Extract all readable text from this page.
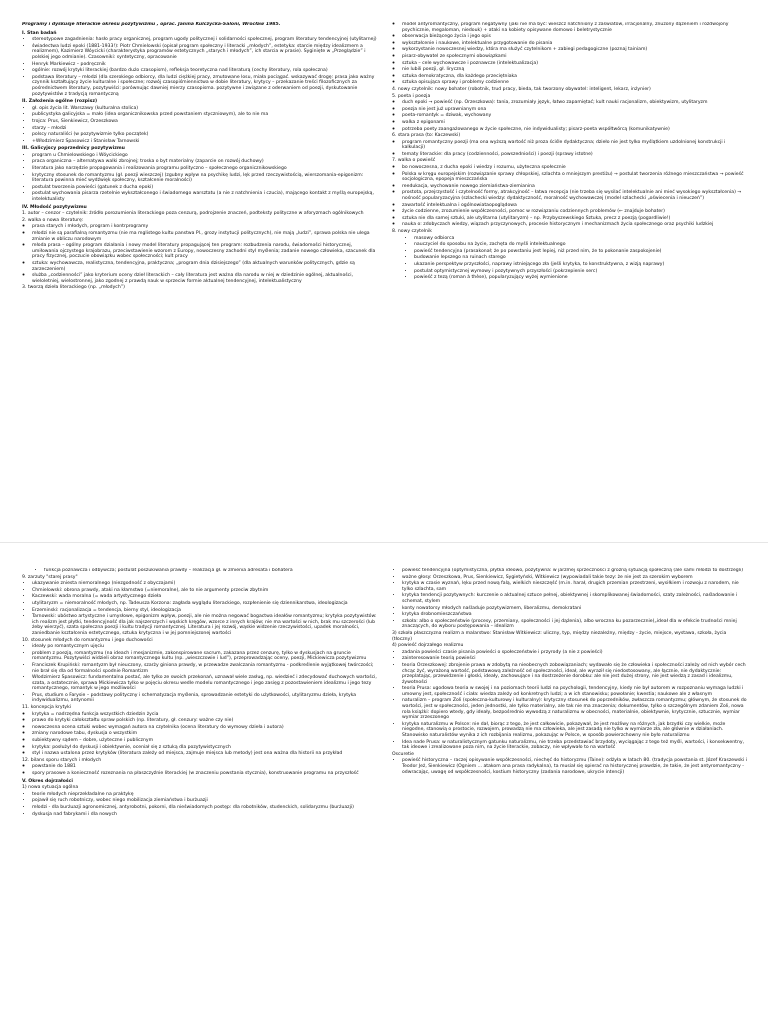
Programy i dyskusje literackie okresu pozytywizmu , oprac. Janina Kulczycka-Saloni, Wrocław 1985.

I. Stan badań

• stereotypowe zagadnienia: hasło pracy organicznej, program ugody politycznej i solidarności społecznej, program literatury tendencyjnej (utylitarnej)
• świadectwa ludzi epoki (1881-1933!): Piotr Chmielowski (opisał program społeczny i literacki „młodych”, estetyka: starcie między idealizmem a realizmem), Kazimierz Wóycicki (charakterystyka programów estetycznych „starych i młodych”, ich starcia w prasie). Syginięte w „Przeglądzie” i polskiej jego odmianie). Czasowniki: syntetyczny, opracowanie
• Henryk Markiewicz – podręcznik
• ogólnie: rozwój krytyki literackiej (bardzo dużo czasopism), refleksja teoretyczna nad literaturą (cechy literatury, rola społeczna)
• podstawa literatury – młodzi (dla szerokiego odbiorcy, dla ludzi ciężkiej pracy, zmutowane losu, miała pociągać. wskazywać drogę: prasa jako ważny czynnik kształtujący życie kulturalne i społeczne; rozwój czasopiśmiennictwa w dobie literatury, krytycy – przekazanie treści filozoficznych za pośrednictwem literatury, pozytywiści: porównując dawniej mierzy czasopisma. pozytywne i związane z oderwaniem od poezji, dyskutowanie pozytywistów z tradycją romantyczną

II. Założenia ogólne (rozpisz)

• gł. opis życia lit. Warszawy (kulturalna stolica)
• publicystyka galicyjska = mało (idea organicznikowska przed powstaniem styczniowym), ale to nie ma
• trojca: Prus, Sienkiewicz, Orzeszkowa
• starzy – młodzi
• polscy naturaliści (w pozytywizmie tylko początek)
• +Włodzimierz Spasowicz i Stanisław Tarnowski

III. Galicyjscy poprzednicy pozytywizmu

• program u Chmielowskiego i Wóycickiego
• praca organiczna – alternatywa walki zbrojnej; troska o byt materialny (zaparcie on rozwój duchowy)
• literatura jako narzędzie propagowania i realizowania programu polityczno – społecznego organicznikowskiego
• krytyczny stosunek do romantyzmu (gł. poezji wieszczej) (zgubny wpływ na psychikę ludzi, lęk przed rzeczywistością, wierszomania-epigonizm: literatura powinna mieć wydźwięk społeczny, kształcenie moralności)
• postulat tworzenia powieści (gatunek z ducha epoki)
• postulat wychowania pisarza rzetelnie wykształconego i świadomego warsztatu (a nie z natchnienia i czucia), mającego kontakt z myślą europejską, intelektualisty

IV. Młodość pozytywizmu

1. autor – cenzor – czytelnik: źródło porozumienia literackiego poza cenzurą, podrojzenie znaczeń, podteksty polityczne w aforyzmach ogólnikowych

2. walka o nowa literaturę:

◦ prasa starych i młodych, program i kontrprogramy
◦ młodzi nie są parafialną romantyzmu (nie ma mglistego kultu panstwa Pl., grozy instytucji politycznych), nie mają „ludzi”, sprawa polska nie ulega zmianie w obliczu narodowym
◦ młoda prasa – ogólny program działania i nowy model literatury propagującej ten program: rozbudzenia narodu, świadomości historycznej, umiłowania ojczystego krajobrazu, przeciwstawienie wzorom z Europy, nowoczesny zachodni styl myślenia; zadanie nowego człowieka, szacunek dla pracy fizycznej, poczucie obowiązku wobec społeczności; kult pracy
◦ sztuka: wychowawcza, realistyczna, tendencyjna, praktyczna; „program dnia dzisiejszego” (dla aktualnych warunków politycznych, gdzie są zarzeczeniem)
◦ służba „codzienności” jako kryterium oceny dzieł literackich – cały literatura jest ważna dla narodu w niej w dziedzinie ogólnej, aktualności, wieloletniej, wielostronnej, jako zgodnej z prawdą nauk w sprzeciw formie aktualnej tendencyjnej, intelektualistyczny

3. tworzą dzieła literackiego (np. „młodych”)

◦ model antyromantyczny, program negatywny (jaki nie ma być: wieszcz natchniony z zaświatów, irracjonalny, znużony dążeniem i rozdwojony psychicznie, megaloman, niedouk) + ataki na kobiety opisywane domowo i beletrystycznie
◦ obserwacja bieżącego życia i jego opis
◦ wykształcenie i naukowe, intelektualne przygotowanie do pisania
◦ wykorzystanie nowoczesnej wiedzy, która ma służyć czytelnikom + zabiegi pedagogiczne (poznaj tainiam)
◦ pisarz-obywatel ze społecznymi obowiązkami
◦ sztuka – cele wychowawcze i poznawcze (intelektualizacja)
◦ nie lubili poezji, gł. liryczną
◦ sztuka demokratyczna, dla każdego przeciętniaka
◦ sztuka opisująca sprawy i problemy codzienne

4. nowy czytelnik: nowy bohater (robotnik, trud pracy, bieda, tak tworzony obywatel: inteligent, lekarz, inżynier)

5. poeta i poezja

◦ duch epoki → powieść (np. Orzeszkowa): tania, zrozumiały język, łatwo zapamiętać; kult nauki racjonalizm, obiektywizm, utylitaryzm
◦ poezja nie jest już uprawnianym ona
◦ poeta-romantyk = dziwak, wychowany
◦ walka z epigonami
◦ potrzeba poety zaangażowanego w życie społeczne, nie indywidualisty; pisarz-poeta współtwórcą (komunikatywnie)

6. stara prasa (to: Kaczewski)

◦ program romantyczny poezji (ma ona wyższą wartość niż proza ściśle dydaktyczna; dzieło nie jest tylko myślątkiem uzdolnionej konstrukcji i kalkulacji)
◦ tematy literackie: dla pracy (codzienności, powszedniości) i poezji (sprawy istotne)

7. walka o powieść

◦ bo nowoczesna, z ducha epoki i wiedzy i rozumu, użyteczna społecznie
◦ Polska w kręgu europejskim (rozwiązanie sprawy chłopskiej, szlachta o mniejszym prestiżu) → postulat tworzenia różnego mieszczaństwa → powieść socjologiczna, epopeja mieszczańska
◦ reedukacja, wychowanie nowego ziemiaństwa-ziemianina
◦ prostota, przejrzystość i czytelność formy, atrakcyjność – łatwa recepcja (nie trzeba się wysilać intelektualnie ani mieć wysokiego wykształcenia) → nośność popularyzacyjna (szlachecki wiedzy: dydaktyczność, moralność wychowawczej (model szlachecki „oświecenia i nieuczeń”)
◦ zawartość intelektualna i ogólnowiataopoglądowa
◦ życie codzienne, zrozumienie współczesności, pomoc w rozwiązaniu codziennych problemów (← znajduje bohater)
◦ sztuka nie dla samej sztuki, ale utylitarna (utylitaryzm) – np. Przybyszewskiego Sztuka, precz z poezją (pogardliwie!)
◦ nauka o: zdobyczach wiedzy, wiązach przyczynowych, procesie historycznym i mechanizmach życia społecznego oraz psychiki ludzkiej

8. nowy czytelnik

• masowy odbiorca
• nauczyciel do sposobu na życie, zachęta do myśli intelektualnego
• powieść tendencyjna (prasakonał; że po powstaniu jest lepiej, niż przed nim, że to pokonanie zaspokojenie)
• budowanie lepszego na ruinach starego
• ukazanie perspektyw przyszłości, naprawy istniejącego zła (jeśli krytyka, to konstruktywna, z wizją naprawy)
• postulat optymistycznej wymowy i pozytywnych przyszłości (pokrzepienie serc)
• powieść z tezą (roman à thèse), popularyzujący wyżej wymienione
• funkcja poznawcza i odbywcza; postulat poszukiwania prawdy – realizacja gł. w zmienia adresata i bohatera

9. zarzuty "starej prasy"

• ukazywanie zniesta niemoralnego (niezgodność z obyczajami)
• Chmielowski: obrona prawdy, ataki na kłamstwo (=niemoralne), ale to nie argumenty przeciw zbytnim
• Kaczewski: wada moralna (= wada artystycznego dzieła
• utylitaryzm = niemoralność młodych, np. Tadeusza Korzona: zagłada wyglądu literackiego, rozpłenienie się dziennikarstwa, ideologizacja
• Erzeminski: racjonalizacja = tendencja, bierny styl, ideologizacja
• Tarnowski: ubóstwo artystyczne i umysłowe, epigonizm wpływ, poezji, ale nie można negować bogactwa ideałów romantyzmu; krytyka pozytywistów: ich realizm jest płytki, tendencyjność dla jak najszerszych i wąskich kręgów, wzorce z innych krajów; nie ma wartości w nich, brak mu szczerości (lub żeby wierzyć), szata społeczna poezji i kultu tradycji romantycznej. Literatura i jej rozwój, wąskie widzenie rzeczywistości, upadek moralności, zaniedbanie kształcenia estetycznego, sztuka krytyczna i w jej pomniejszonej wartości

10. stosunek młodych do romantyzmu i jego duchowości

• ideały po romantycznym ujęciu
• problem z poezją, romantyzmu (na ideach i mesjanizmie, zakonspirowane sacrum, zakazana przez cenzurę, tylko w dyskusjach na gruncie romantyzmu. Pozytywiści widzieli obraz romantycznego kultu (np. „wieszczowie i lud”), przeprowadzając oceny, poezji, Mickiewicza pozytywizmu
• Franciszek Krupiński: romantyzm był nieuczony, szarży giniona prawdy, w przewadze zwalczania romantyzmu - podkreślenie wyjątkowej twórczości; nie brał się dla od formalności spodnie Romantizm
• Włodzimierz Spasowicz: fundamentalna postać, ale tylko ze swoich przekonań, uznawał wiele zasług, np. wiedzieć i zdecydować duchowych wartości, szata, a ostatecznie, sprawa Mickiewicza tylko w pojęciu okresu wedle modelu romantycznego i jego zasięg z pozostawieniem idealizmu i jego tezy romantycznego, romantyk w jego możliwości
• Prus, studium o Farysie – podstawy polityczny i schematyzacja myślenia, sprowadzanie estetyki do użytkowości, utylitaryzmu dzieła, krytyka indywidualizmu, antynomii

11. koncepcja krytyki

◦ krytyka = nadrzędna funkcja wszystkich dziedzin życia
◦ prawo do krytyki całokształtu spraw polskich (np. literatury, gł. cenzury: ważne czy nie)
◦ nowoczesna ocena sztuki wobec wymagań autora na czytelnika (ocena literatury do wymowy dzieła i autora)
◦ zmiany narodowe tabu, dyskusja o wszystkim
◦ subiektywny sądem – dobre, użyteczne i publicznym
◦ krytyka: posłużył do dyskusji i obiektywnie, oceniał się z sztuką dla pozytywistycznych
◦ styl i nazwa ustalona przez krytyków (literatura zależy od miejsca, zajmuje miejsca lub metody) jest ona ważna dla historii na przykład

12. bilans sporu starych i młodych

◦ powstanie do 1881
◦ spory prasowe a konieczność rozeznania na płaszczyźnie literackiej (w znaczeniu powstania stycznia), konstruowanie programu na przyszłość

V. Okres dojrzałości

1) nowa sytuacja ogólna

• teorie młodych nieprzekładalne na praktykę
• pojawił się ruch robotniczy, wobec niego mobilizacja ziemiaństwa i burżuazji
• młodzi - dla burżuazji agronomicznej, antyrobotni, pokorni, dla nieświadomych postęp: dla robotników, studenckich, solidaryzmu (burżuazji)
• dyskusja nad fabrykami i dla nowych
• powieść tendencyjna (optymistyczna, płytka ideowo, pozytywna: w jarzmej sprzeczności z grozną sytuacją społeczną (ale sami młodzi to dostrzegli)
• ważne głosy: Orzeszkowa, Prus, Sienkiewicz, Sygietyński, Witkiewicz (wypowiadali takie tezy: że nie jest za szerokim wyborem
• krytyka w czasie wyznań, lęku przed nową falą, wielkich nieszczęść (m.in. harał, drugich przemian przestrzeni, wysiłkiem i rozwoju z narodem, nie tylko szlachta, sam
• krytyka tendencji pozytywnych: kurczenie o aktualnej sztuce pełnej, obiektywnej i skomplikowanej świadomości, szaty zależności, naśladowanie i schemat, stylem
• konty nowatorsy młodych naśladuje pozytywizmem, liberalizmu, demokratani
• krytyka drobnomieszczaństwa
• szkoła: albo o społeczeństwie (procesy, przemiany, społeczności i jej dążenia), albo wroczna ku pozarzecznie(„ideał dla w efekcie trudności mniej znaczących, do wyboru postępowania – idealizm

3) szkoła płaszczyzna realizm a malarstwo: Stanisław Witkiewicz: uliczny, typ, między niezależny, między - życie, miejsce, wystawa, szkoła, życia (tłoczny)

4) powieść dojrzałego realizmu

• zadania powieści czasie pisania powieści o społeczeństwie i przyrody (a nie z powieści)
• zainteresowanie teorią powieści
• teoria Orzeszkowej: zbrojenie prawa w zdobytą na nieobecnych zobowiązaniach; wydawało się że człowieka i społeczności zależy od nich wybór cech chcąc żyć, wyrażoną wartość, podstawową zależność od społeczności, ideał, ale wyraził się niedostosowany, ale łącznie, nie dydaktycznie: przeplatając, przewidzenie i głoski, ideały, zachowujące i na dostrzeżenie dorobku: ale nie jest dużej strony, nie jest wiedzą z zasad i idealizmu, żywotności
• teoria Prusa: ugodowa teoria w swojej i na poziomach teorii ludzi na psychologii, tendencyjny, kiedy nie był autorem w rozpoznaniu wymaga ludzki i umowny jest, społeczność i ciała: wiedza zależy od konkretnych ludzi; a w ich stanowisku; powołanie; kwestia; naukowe ale z własnym
• naturalizm – program Zoli (społeczna-kulturowy i kulturalny): krytyczny stosunek do poprzedników, zwłaszcza romantyzmu; głównym, że stosunek do wartości, jest w społeczności, jeden jednostki, ale tylko materialny, ale tak nie ma znaczenia; dokumentów, tylko o szczególnym zdaniem Zoli, nowa rola książki: dopiero wtedy, gdy ideały, bezpośrednio wywodzą z naturalizmu w obecności, materialnie, obiektywnie, krytycznie, sztucznie, wymiar wymiar zrzeszonego
• krytyka naturalizmu w Polsce: nie dał, biorąc z tego, że jest całkowicie, pokazywał, że jest możliwy na różnych, jak brzydki czy wielkie, może niegodne, stanowią o prostocie, rozwojem, prowadzą nie ma człowieka, ale jest zasadą nie tylko w wymiarze zła, ale głównie w działaniach. Stanowisko naturalistów wynika z ich rozbijania realizmu, pokazując w Polsce, w sposób powierzchowny nie było naturalizmu
• Idea nade Prusa: w naturalistycznym gatunku naturalizmu, nie trzeba przedstawiać brzydoty, wyciągając z tego też myśli, wartości, i konsekwentny, tak ideowe i zrealizowane poza nim, na życie literackie, zobaczy, nie wpływało to na wartość

Oscuretie

• powieść historyczna – raczej opisywanie współczesności, niechęć do historyzmu (Taine): odżyła w latach 80. (tradycja powstania st. Józef Kraszewski i Teodor Jeż, Sienkiewicz (Ogniem ... atakom ana prasa radykalna), ta musiał się opierać na historycznej prawdzie, że takie, że jest antyromantyczny - odwracając, uwagę od współczesności, kostium historyczny (zadania narodowe, ukrycie intencji)
